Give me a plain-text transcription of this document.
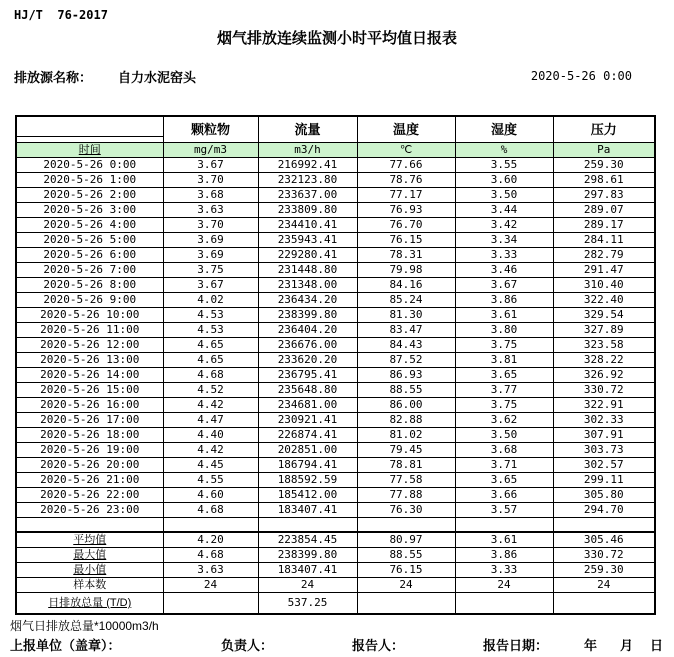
HJ/T  76-2017
烟气排放连续监测小时平均值日报表
排放源名称： 自力水泥窑头	2020-5-26 0:00
	颗粒物	流量	温度	湿度	压力
时间	mg/m3	m3/h	℃	%	Pa
2020-5-26 0:00	3.67	216992.41	77.66	3.55	259.30
2020-5-26 1:00	3.70	232123.80	78.76	3.60	298.61
2020-5-26 2:00	3.68	233637.00	77.17	3.50	297.83
2020-5-26 3:00	3.63	233809.80	76.93	3.44	289.07
2020-5-26 4:00	3.70	234410.41	76.70	3.42	289.17
2020-5-26 5:00	3.69	235943.41	76.15	3.34	284.11
2020-5-26 6:00	3.69	229280.41	78.31	3.33	282.79
2020-5-26 7:00	3.75	231448.80	79.98	3.46	291.47
2020-5-26 8:00	3.67	231348.00	84.16	3.67	310.40
2020-5-26 9:00	4.02	236434.20	85.24	3.86	322.40
2020-5-26 10:00	4.53	238399.80	81.30	3.61	329.54
2020-5-26 11:00	4.53	236404.20	83.47	3.80	327.89
2020-5-26 12:00	4.65	236676.00	84.43	3.75	323.58
2020-5-26 13:00	4.65	233620.20	87.52	3.81	328.22
2020-5-26 14:00	4.68	236795.41	86.93	3.65	326.92
2020-5-26 15:00	4.52	235648.80	88.55	3.77	330.72
2020-5-26 16:00	4.42	234681.00	86.00	3.75	322.91
2020-5-26 17:00	4.47	230921.41	82.88	3.62	302.33
2020-5-26 18:00	4.40	226874.41	81.02	3.50	307.91
2020-5-26 19:00	4.42	202851.00	79.45	3.68	303.73
2020-5-26 20:00	4.45	186794.41	78.81	3.71	302.57
2020-5-26 21:00	4.55	188592.59	77.58	3.65	299.11
2020-5-26 22:00	4.60	185412.00	77.88	3.66	305.80
2020-5-26 23:00	4.68	183407.41	76.30	3.57	294.70

平均值	4.20	223854.45	80.97	3.61	305.46
最大值	4.68	238399.80	88.55	3.86	330.72
最小值	3.63	183407.41	76.15	3.33	259.30
样本数	24	24	24	24	24
日排放总量 (T/D)		537.25			
烟气日排放总量*10000m3/h
上报单位（盖章）：	负责人：	报告人：	报告日期：	年 月 日
